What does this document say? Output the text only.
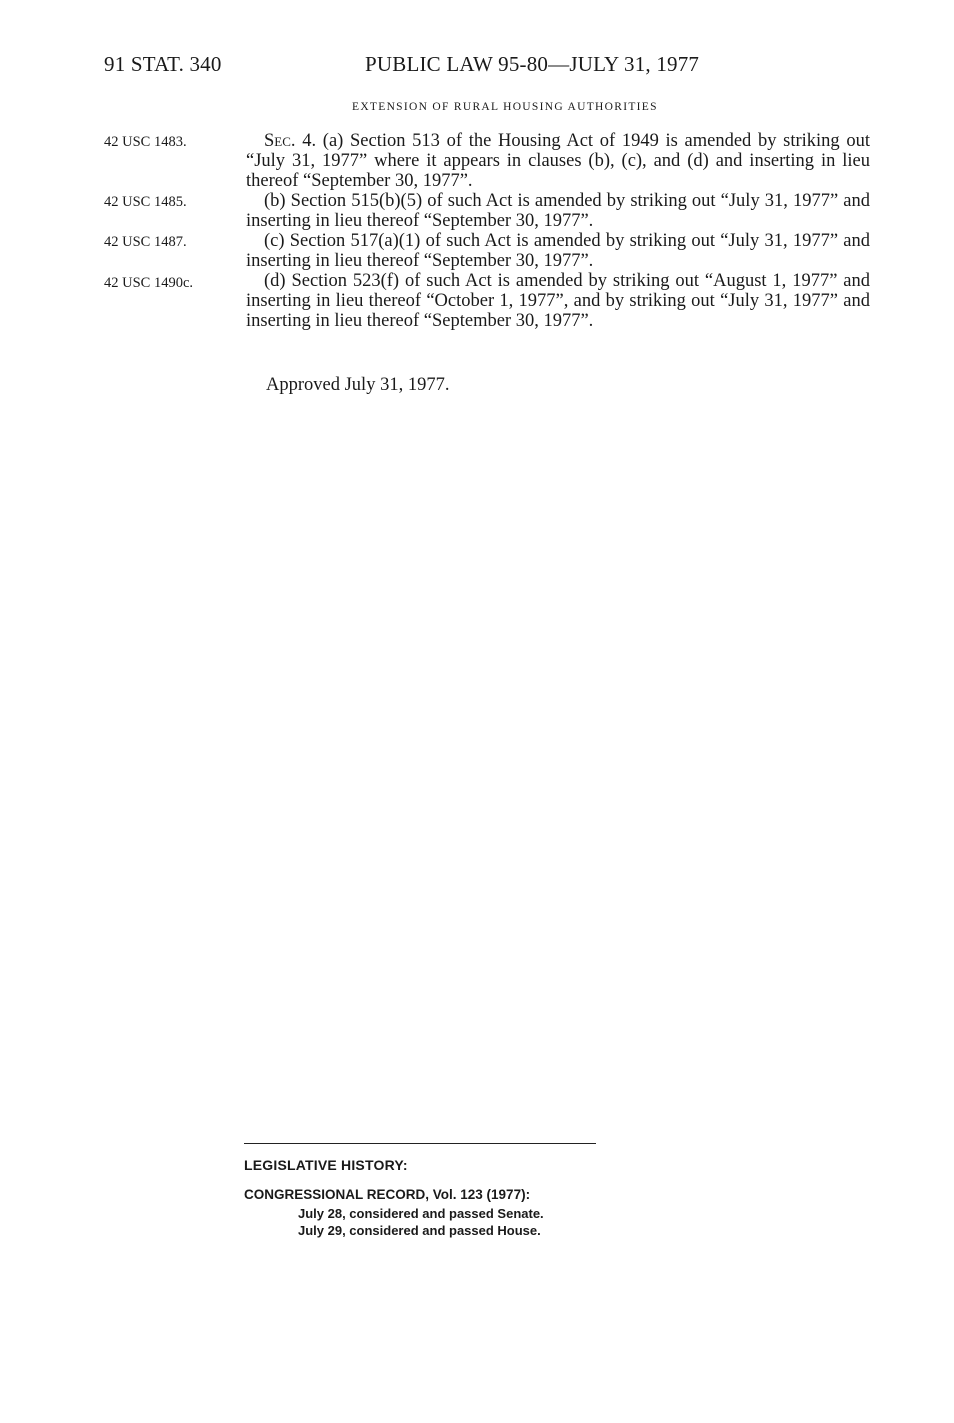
91 STAT. 340	PUBLIC LAW 95-80—JULY 31, 1977
EXTENSION OF RURAL HOUSING AUTHORITIES
42 USC 1483.
42 USC 1485.
42 USC 1487.
42 USC 1490c.

Sec. 4. (a) Section 513 of the Housing Act of 1949 is amended by striking out “July 31, 1977” where it appears in clauses (b), (c), and (d) and inserting in lieu thereof “September 30, 1977”.

(b) Section 515(b)(5) of such Act is amended by striking out “July 31, 1977” and inserting in lieu thereof “September 30, 1977”.

(c) Section 517(a)(1) of such Act is amended by striking out “July 31, 1977” and inserting in lieu thereof “September 30, 1977”.

(d) Section 523(f) of such Act is amended by striking out “August 1, 1977” and inserting in lieu thereof “October 1, 1977”, and by striking out “July 31, 1977” and inserting in lieu thereof “September 30, 1977”.

Approved July 31, 1977.
LEGISLATIVE HISTORY:
CONGRESSIONAL RECORD, Vol. 123 (1977):
July 28, considered and passed Senate.
July 29, considered and passed House.
